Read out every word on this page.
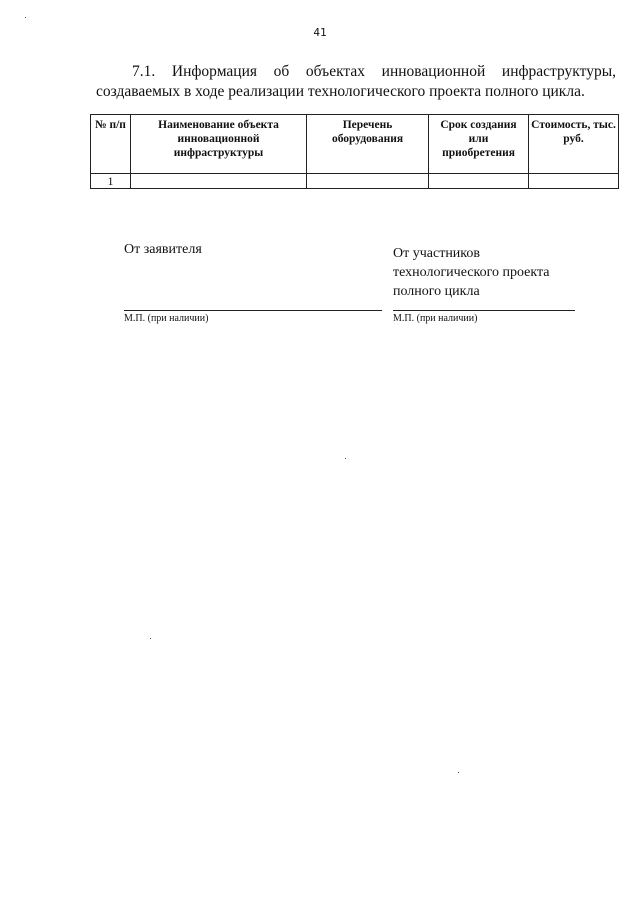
41
7.1. Информация об объектах инновационной инфраструктуры,
создаваемых в ходе реализации технологического проекта полного цикла.
№ п/п	Наименование объекта инновационной инфраструктуры	Перечень оборудования	Срок создания или приобретения	Стоимость, тыс. руб.
1				
От заявителя	От участников
технологического проекта
полного цикла
М.П. (при наличии)	М.П. (при наличии)
